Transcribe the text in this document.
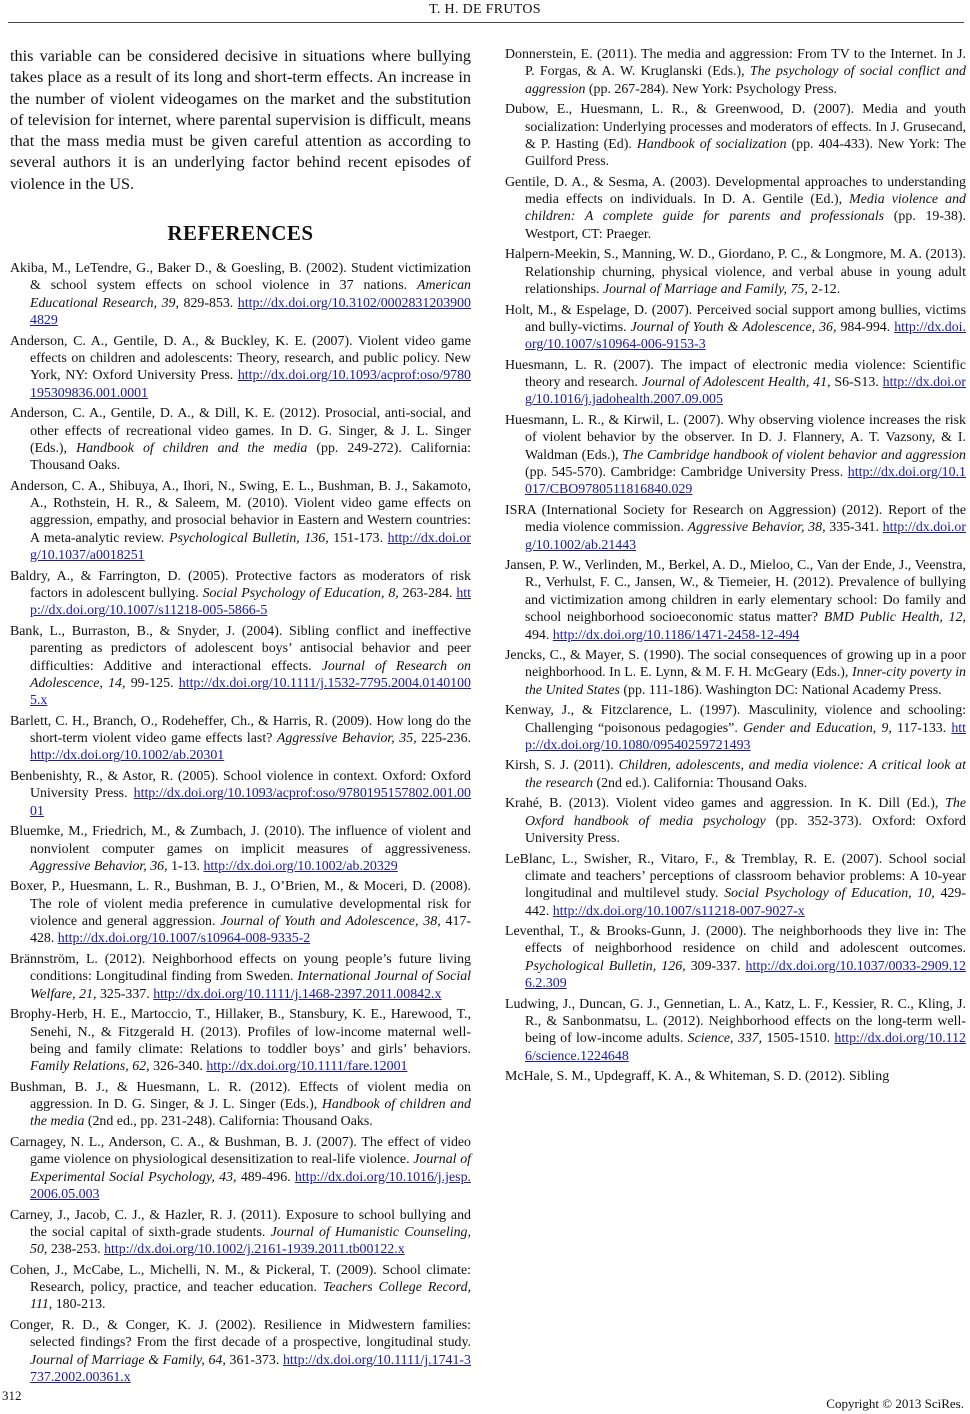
T. H. DE FRUTOS

this variable can be considered decisive in situations where bullying takes place as a result of its long and short-term effects. An increase in the number of violent videogames on the market and the substitution of television for internet, where parental supervision is difficult, means that the mass media must be given careful attention as according to several authors it is an underlying factor behind recent episodes of violence in the US.

REFERENCES

Akiba, M., LeTendre, G., Baker D., & Goesling, B. (2002). Student victimization & school system effects on school violence in 37 nations. American Educational Research, 39, 829-853. http://dx.doi.org/10.3102/00028312039004829

Anderson, C. A., Gentile, D. A., & Buckley, K. E. (2007). Violent video game effects on children and adolescents: Theory, research, and public policy. New York, NY: Oxford University Press. http://dx.doi.org/10.1093/acprof:oso/9780195309836.001.0001

Anderson, C. A., Gentile, D. A., & Dill, K. E. (2012). Prosocial, anti-social, and other effects of recreational video games. In D. G. Singer, & J. L. Singer (Eds.), Handbook of children and the media (pp. 249-272). California: Thousand Oaks.

Anderson, C. A., Shibuya, A., Ihori, N., Swing, E. L., Bushman, B. J., Sakamoto, A., Rothstein, H. R., & Saleem, M. (2010). Violent video game effects on aggression, empathy, and prosocial behavior in Eastern and Western countries: A meta-analytic review. Psychological Bulletin, 136, 151-173. http://dx.doi.org/10.1037/a0018251

Baldry, A., & Farrington, D. (2005). Protective factors as moderators of risk factors in adolescent bullying. Social Psychology of Education, 8, 263-284. http://dx.doi.org/10.1007/s11218-005-5866-5

Bank, L., Burraston, B., & Snyder, J. (2004). Sibling conflict and ineffective parenting as predictors of adolescent boys’ antisocial behavior and peer difficulties: Additive and interactional effects. Journal of Research on Adolescence, 14, 99-125. http://dx.doi.org/10.1111/j.1532-7795.2004.01401005.x

Barlett, C. H., Branch, O., Rodeheffer, Ch., & Harris, R. (2009). How long do the short-term violent video game effects last? Aggressive Behavior, 35, 225-236. http://dx.doi.org/10.1002/ab.20301

Benbenishty, R., & Astor, R. (2005). School violence in context. Oxford: Oxford University Press. http://dx.doi.org/10.1093/acprof:oso/9780195157802.001.0001

Bluemke, M., Friedrich, M., & Zumbach, J. (2010). The influence of violent and nonviolent computer games on implicit measures of aggressiveness. Aggressive Behavior, 36, 1-13. http://dx.doi.org/10.1002/ab.20329

Boxer, P., Huesmann, L. R., Bushman, B. J., O’Brien, M., & Moceri, D. (2008). The role of violent media preference in cumulative developmental risk for violence and general aggression. Journal of Youth and Adolescence, 38, 417-428. http://dx.doi.org/10.1007/s10964-008-9335-2

Brännström, L. (2012). Neighborhood effects on young people’s future living conditions: Longitudinal finding from Sweden. International Journal of Social Welfare, 21, 325-337. http://dx.doi.org/10.1111/j.1468-2397.2011.00842.x

Brophy-Herb, H. E., Martoccio, T., Hillaker, B., Stansbury, K. E., Harewood, T., Senehi, N., & Fitzgerald H. (2013). Profiles of low-income maternal well-being and family climate: Relations to toddler boys’ and girls’ behaviors. Family Relations, 62, 326-340. http://dx.doi.org/10.1111/fare.12001

Bushman, B. J., & Huesmann, L. R. (2012). Effects of violent media on aggression. In D. G. Singer, & J. L. Singer (Eds.), Handbook of children and the media (2nd ed., pp. 231-248). California: Thousand Oaks.

Carnagey, N. L., Anderson, C. A., & Bushman, B. J. (2007). The effect of video game violence on physiological desensitization to real-life violence. Journal of Experimental Social Psychology, 43, 489-496. http://dx.doi.org/10.1016/j.jesp.2006.05.003

Carney, J., Jacob, C. J., & Hazler, R. J. (2011). Exposure to school bullying and the social capital of sixth-grade students. Journal of Humanistic Counseling, 50, 238-253. http://dx.doi.org/10.1002/j.2161-1939.2011.tb00122.x

Cohen, J., McCabe, L., Michelli, N. M., & Pickeral, T. (2009). School climate: Research, policy, practice, and teacher education. Teachers College Record, 111, 180-213.

Conger, R. D., & Conger, K. J. (2002). Resilience in Midwestern families: selected findings? From the first decade of a prospective, longitudinal study. Journal of Marriage & Family, 64, 361-373. http://dx.doi.org/10.1111/j.1741-3737.2002.00361.x

Donnerstein, E. (2011). The media and aggression: From TV to the Internet. In J. P. Forgas, & A. W. Kruglanski (Eds.), The psychology of social conflict and aggression (pp. 267-284). New York: Psychology Press.

Dubow, E., Huesmann, L. R., & Greenwood, D. (2007). Media and youth socialization: Underlying processes and moderators of effects. In J. Grusecand, & P. Hasting (Ed). Handbook of socialization (pp. 404-433). New York: The Guilford Press.

Gentile, D. A., & Sesma, A. (2003). Developmental approaches to understanding media effects on individuals. In D. A. Gentile (Ed.), Media violence and children: A complete guide for parents and professionals (pp. 19-38). Westport, CT: Praeger.

Halpern-Meekin, S., Manning, W. D., Giordano, P. C., & Longmore, M. A. (2013). Relationship churning, physical violence, and verbal abuse in young adult relationships. Journal of Marriage and Family, 75, 2-12.

Holt, M., & Espelage, D. (2007). Perceived social support among bullies, victims and bully-victims. Journal of Youth & Adolescence, 36, 984-994. http://dx.doi.org/10.1007/s10964-006-9153-3

Huesmann, L. R. (2007). The impact of electronic media violence: Scientific theory and research. Journal of Adolescent Health, 41, S6-S13. http://dx.doi.org/10.1016/j.jadohealth.2007.09.005

Huesmann, L. R., & Kirwil, L. (2007). Why observing violence increases the risk of violent behavior by the observer. In D. J. Flannery, A. T. Vazsony, & I. Waldman (Eds.), The Cambridge handbook of violent behavior and aggression (pp. 545-570). Cambridge: Cambridge University Press. http://dx.doi.org/10.1017/CBO9780511816840.029

ISRA (International Society for Research on Aggression) (2012). Report of the media violence commission. Aggressive Behavior, 38, 335-341. http://dx.doi.org/10.1002/ab.21443

Jansen, P. W., Verlinden, M., Berkel, A. D., Mieloo, C., Van der Ende, J., Veenstra, R., Verhulst, F. C., Jansen, W., & Tiemeier, H. (2012). Prevalence of bullying and victimization among children in early elementary school: Do family and school neighborhood socioeconomic status matter? BMD Public Health, 12, 494. http://dx.doi.org/10.1186/1471-2458-12-494

Jencks, C., & Mayer, S. (1990). The social consequences of growing up in a poor neighborhood. In L. E. Lynn, & M. F. H. McGeary (Eds.), Inner-city poverty in the United States (pp. 111-186). Washington DC: National Academy Press.

Kenway, J., & Fitzclarence, L. (1997). Masculinity, violence and schooling: Challenging “poisonous pedagogies”. Gender and Education, 9, 117-133. http://dx.doi.org/10.1080/09540259721493

Kirsh, S. J. (2011). Children, adolescents, and media violence: A critical look at the research (2nd ed.). California: Thousand Oaks.

Krahé, B. (2013). Violent video games and aggression. In K. Dill (Ed.), The Oxford handbook of media psychology (pp. 352-373). Oxford: Oxford University Press.

LeBlanc, L., Swisher, R., Vitaro, F., & Tremblay, R. E. (2007). School social climate and teachers’ perceptions of classroom behavior problems: A 10-year longitudinal and multilevel study. Social Psychology of Education, 10, 429-442. http://dx.doi.org/10.1007/s11218-007-9027-x

Leventhal, T., & Brooks-Gunn, J. (2000). The neighborhoods they live in: The effects of neighborhood residence on child and adolescent outcomes. Psychological Bulletin, 126, 309-337. http://dx.doi.org/10.1037/0033-2909.126.2.309

Ludwing, J., Duncan, G. J., Gennetian, L. A., Katz, L. F., Kessier, R. C., Kling, J. R., & Sanbonmatsu, L. (2012). Neighborhood effects on the long-term well-being of low-income adults. Science, 337, 1505-1510. http://dx.doi.org/10.1126/science.1224648

McHale, S. M., Updegraff, K. A., & Whiteman, S. D. (2012). Sibling

312
Copyright © 2013 SciRes.
